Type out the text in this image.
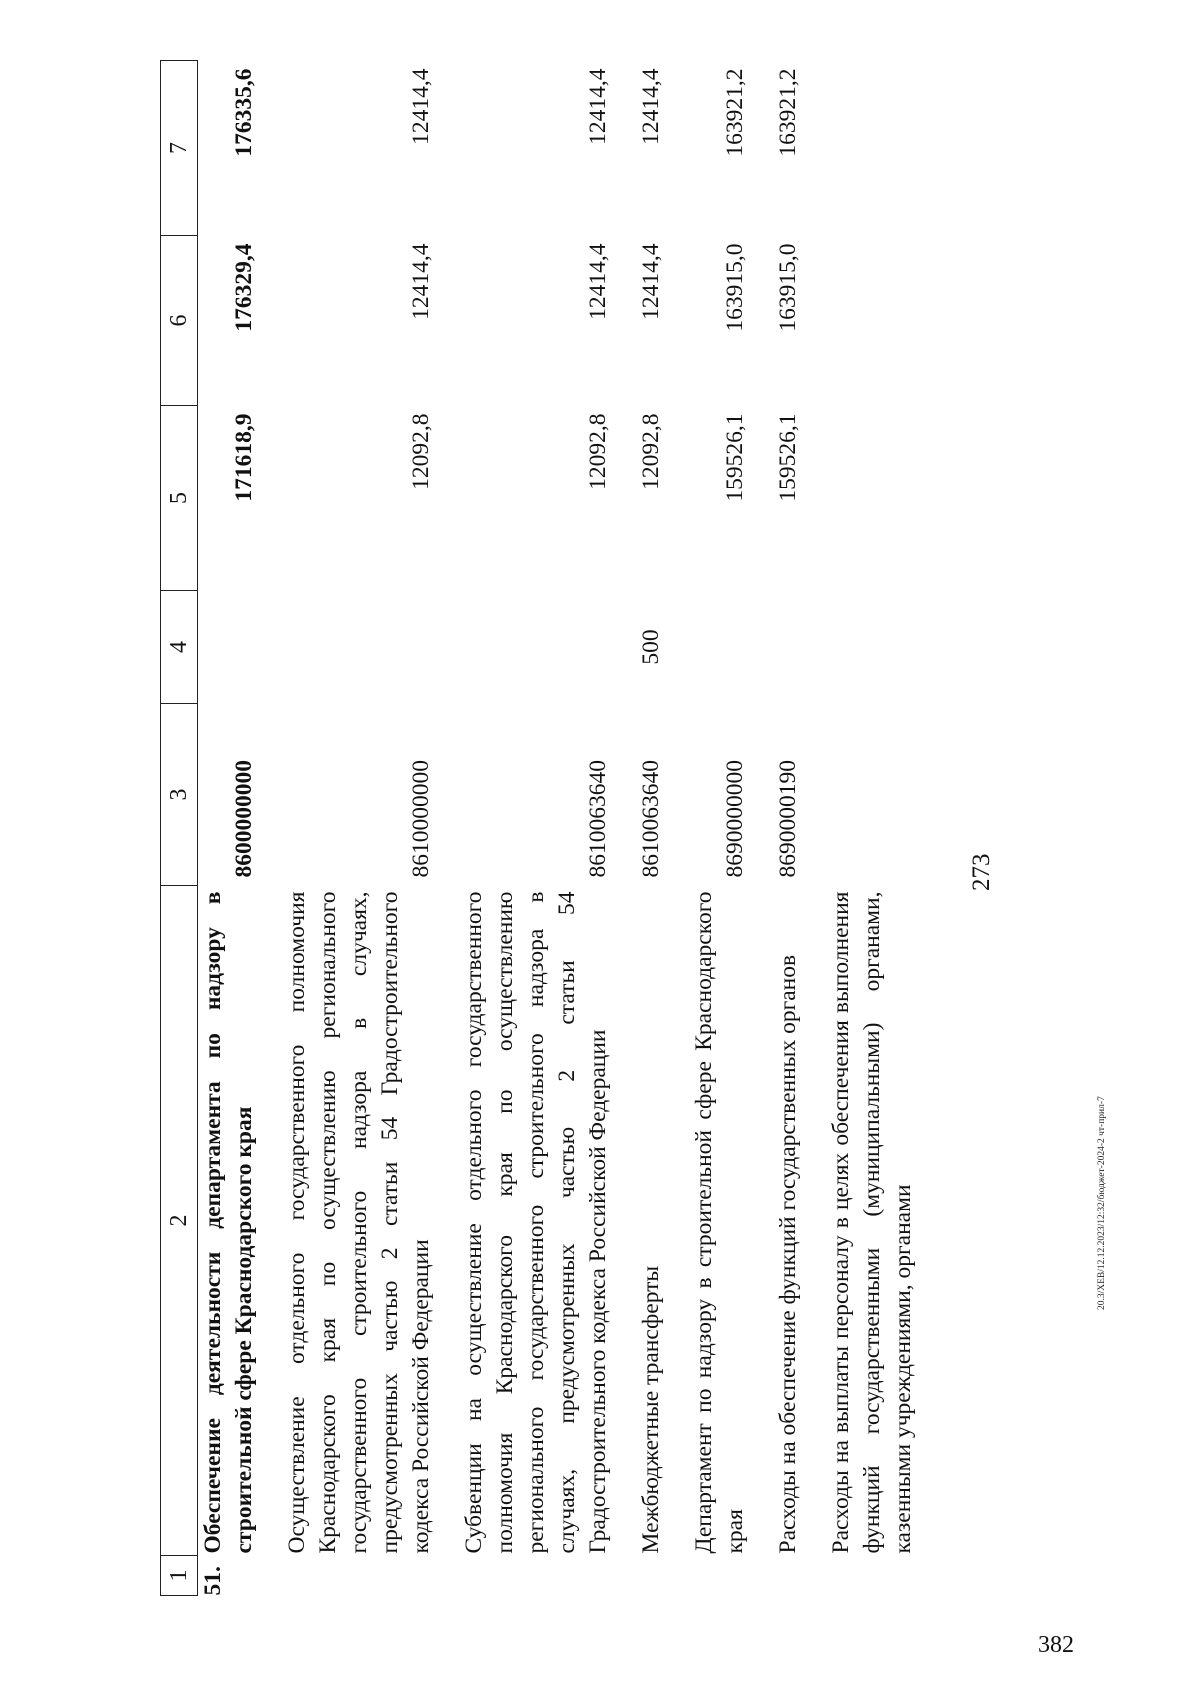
273
1	2	3	4	5	6	7
51.	Обеспечение деятельности департамента по надзору в строительной сфере Краснодарского края	8600000000		171618,9	176329,4	176335,6

	Осуществление отдельного государственного полномочия Краснодарского края по осуществлению регионального государственного строительного надзора в случаях, предусмотренных частью 2 статьи 54 Градостроительного кодекса Российской Федерации	8610000000		12092,8	12414,4	12414,4

	Субвенции на осуществление отдельного государственного полномочия Краснодарского края по осуществлению регионального государственного строительного надзора в случаях, предусмотренных частью 2 статьи 54 Градостроительного кодекса Российской Федерации	8610063640		12092,8	12414,4	12414,4

	Межбюджетные трансферты	8610063640	500	12092,8	12414,4	12414,4

	Департамент по надзору в строительной сфере Краснодарского края	8690000000		159526,1	163915,0	163921,2

	Расходы на обеспечение функций государственных органов	8690000190		159526,1	163915,0	163921,2

	Расходы на выплаты персоналу в целях обеспечения выполнения функций государственными (муниципальными) органами, казенными учреждениями, органами						20.3/ХЕВ/12.12.2023/12:32/бюджет-2024-2 чт-прил-7
382
